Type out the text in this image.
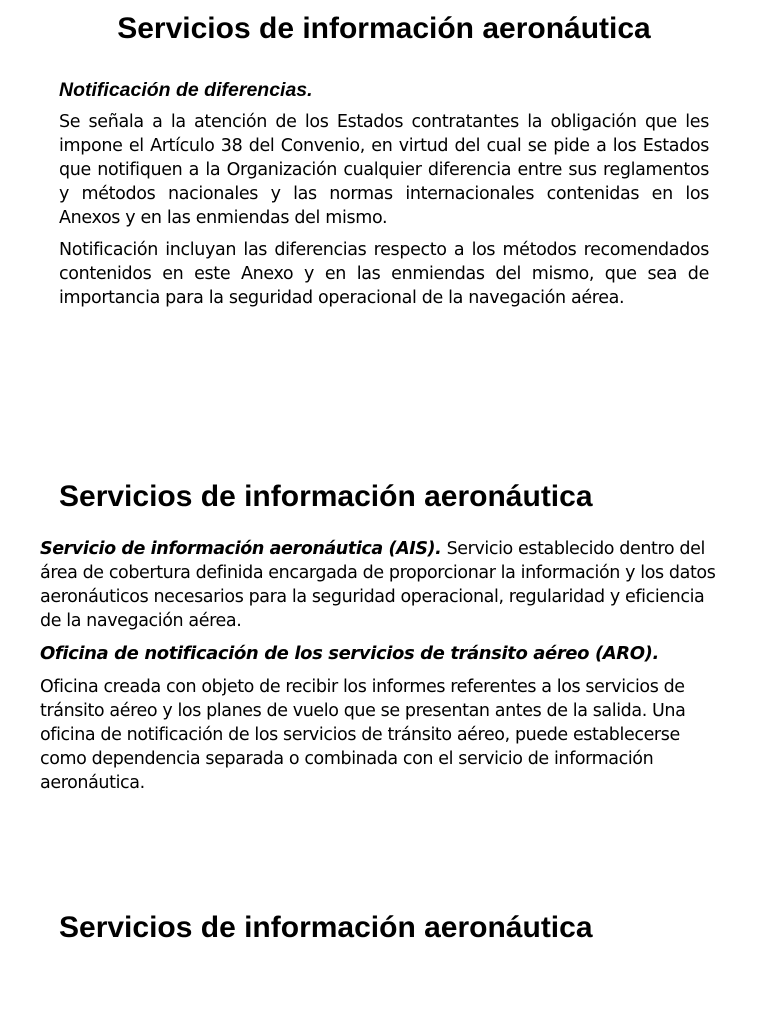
Servicios de información aeronáutica
Notificación de diferencias.

Se señala a la atención de los Estados contratantes la obligación que les impone el Artículo 38 del Convenio, en virtud del cual se pide a los Estados que notifiquen a la Organización cualquier diferencia entre sus reglamentos y métodos nacionales y las normas internacionales contenidas en los Anexos y en las enmiendas del mismo.

Notificación incluyan las diferencias respecto a los métodos recomendados contenidos en este Anexo y en las enmiendas del mismo, que sea de importancia para la seguridad operacional de la navegación aérea.

Servicios de información aeronáutica

Servicio de información aeronáutica (AIS). Servicio establecido dentro del área de cobertura definida encargada de proporcionar la información y los datos aeronáuticos necesarios para la seguridad operacional, regularidad y eficiencia de la navegación aérea.

Oficina de notificación de los servicios de tránsito aéreo (ARO).

Oficina creada con objeto de recibir los informes referentes a los servicios de tránsito aéreo y los planes de vuelo que se presentan antes de la salida. Una oficina de notificación de los servicios de tránsito aéreo, puede establecerse como dependencia separada o combinada con el servicio de información aeronáutica.

Servicios de información aeronáutica
